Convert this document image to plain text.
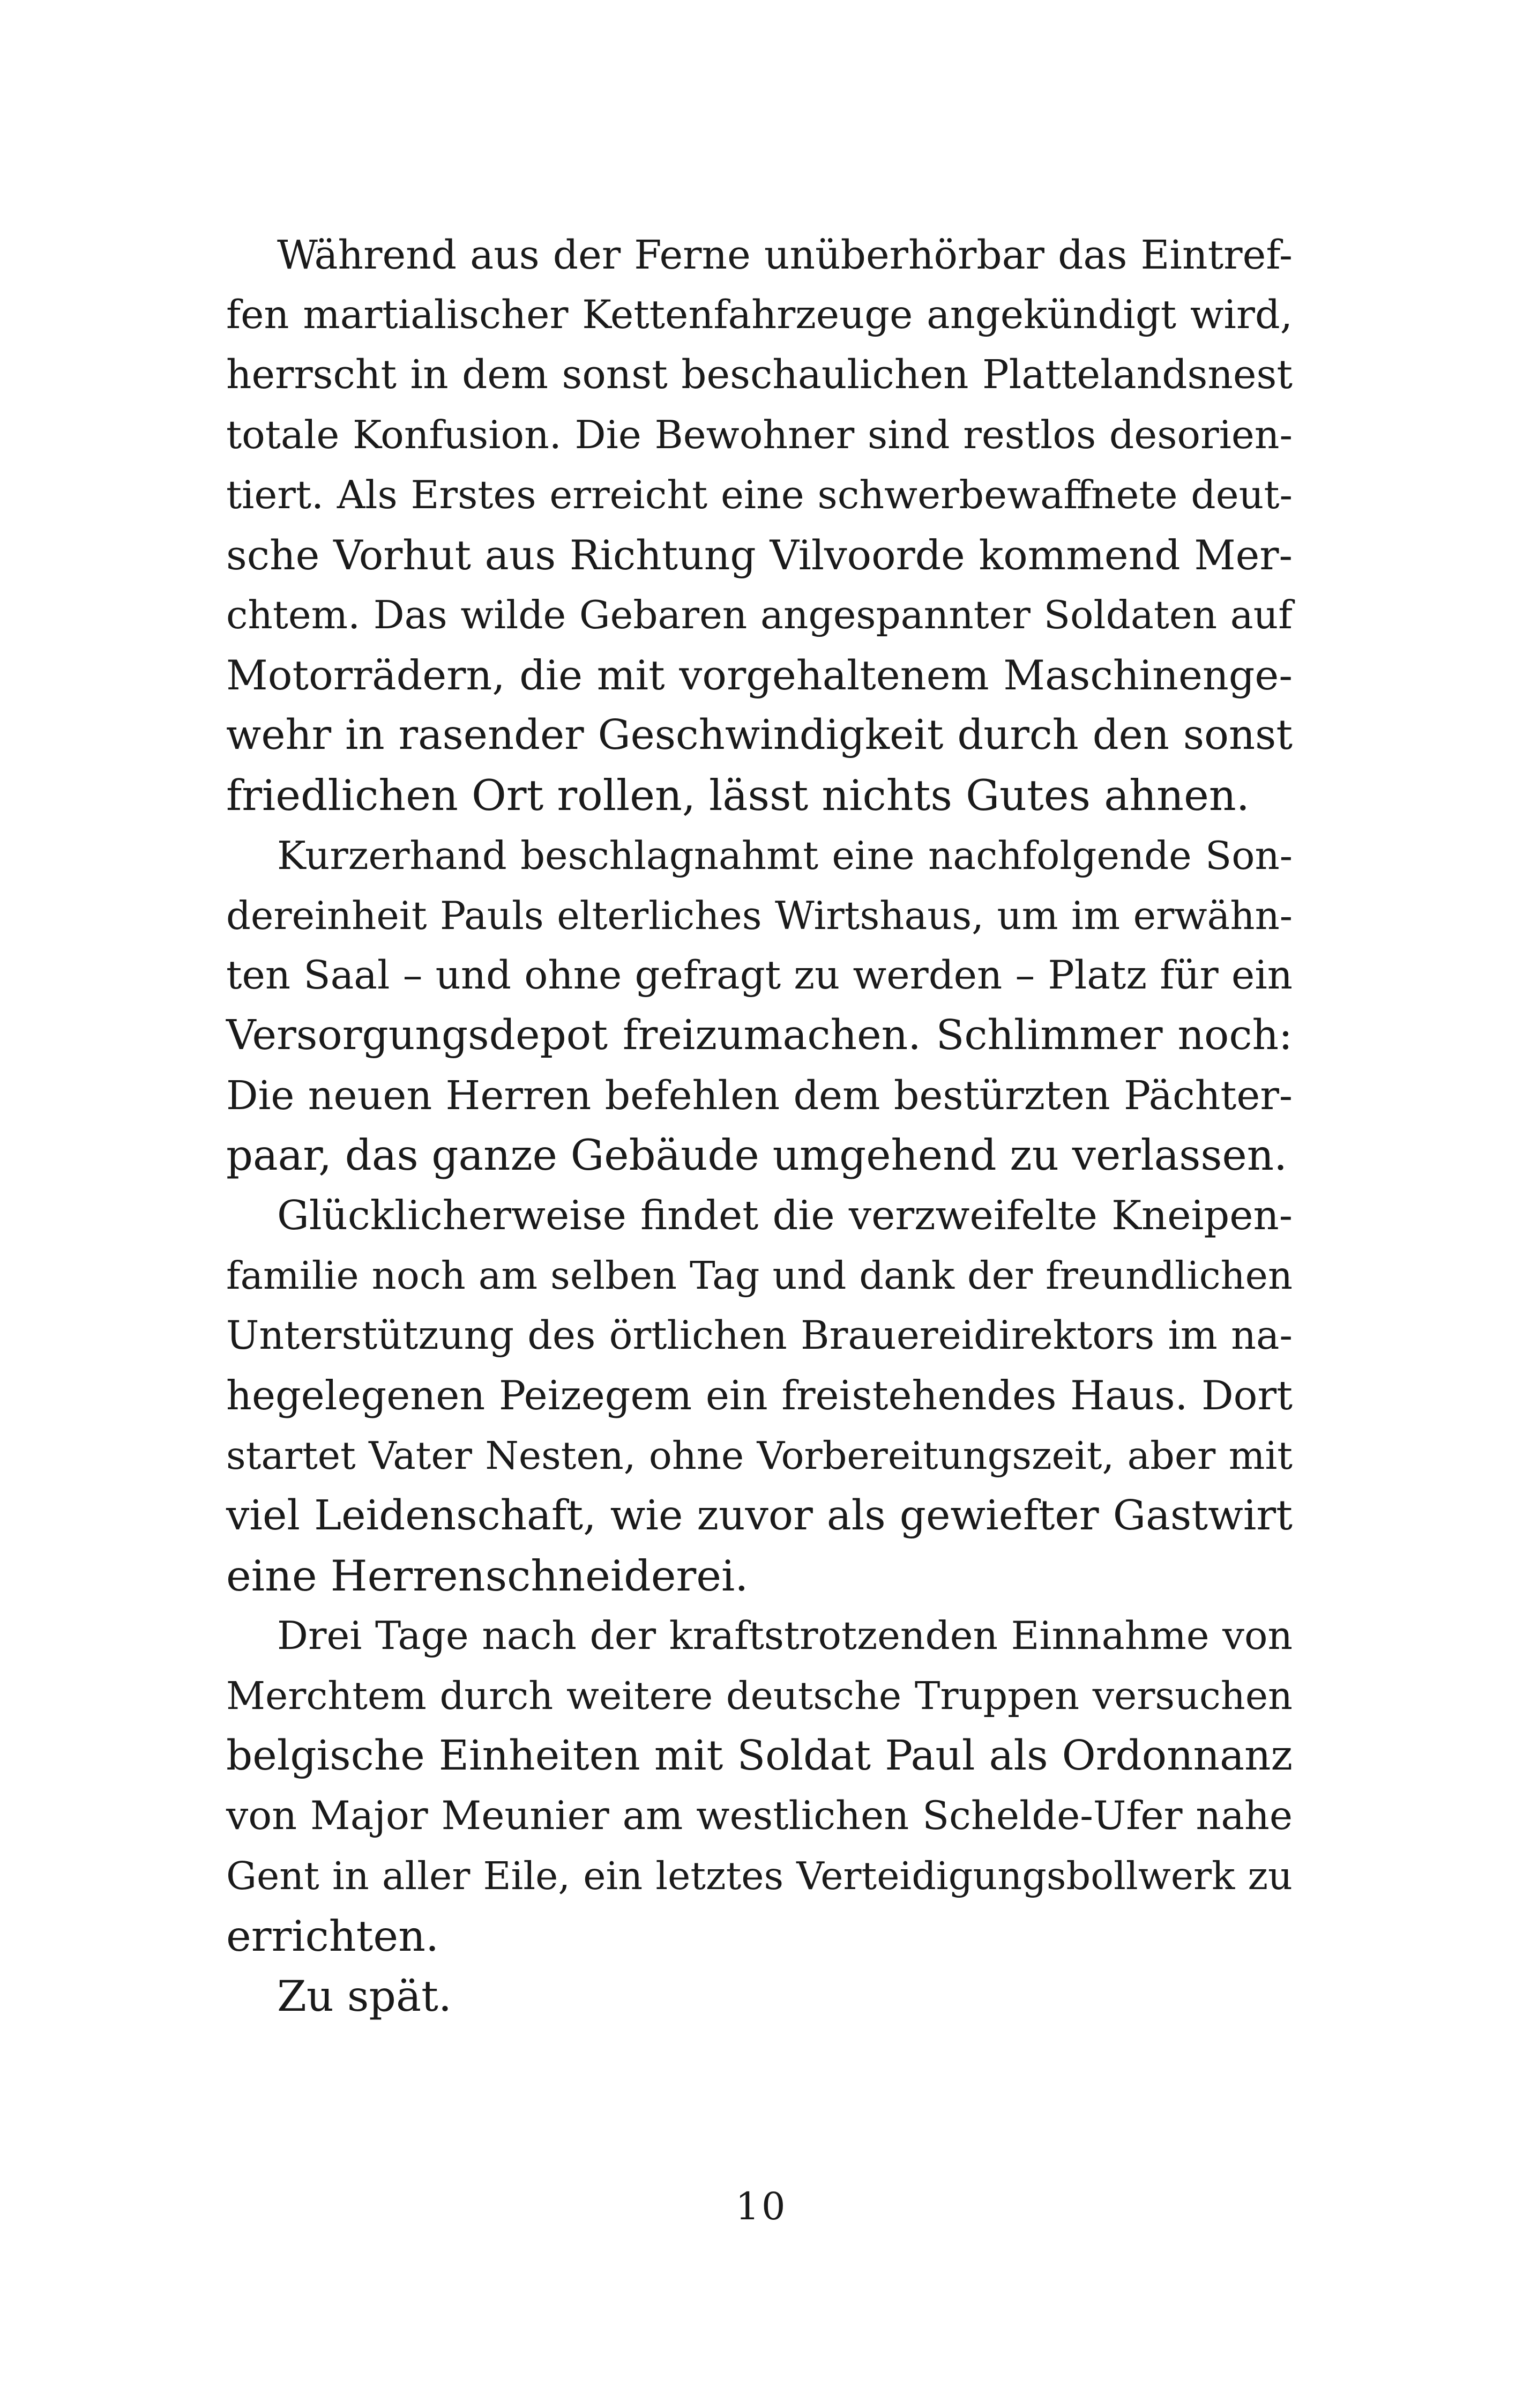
Während aus der Ferne unüberhörbar das Eintref-
fen martialischer Kettenfahrzeuge angekündigt wird,
herrscht in dem sonst beschaulichen Plattelandsnest
totale Konfusion. Die Bewohner sind restlos desorien-
tiert. Als Erstes erreicht eine schwerbewaffnete deut-
sche Vorhut aus Richtung Vilvoorde kommend Mer-
chtem. Das wilde Gebaren angespannter Soldaten auf
Motorrädern, die mit vorgehaltenem Maschinenge-
wehr in rasender Geschwindigkeit durch den sonst
friedlichen Ort rollen, lässt nichts Gutes ahnen.
Kurzerhand beschlagnahmt eine nachfolgende Son-
dereinheit Pauls elterliches Wirtshaus, um im erwähn-
ten Saal – und ohne gefragt zu werden – Platz für ein
Versorgungsdepot freizumachen. Schlimmer noch:
Die neuen Herren befehlen dem bestürzten Pächter-
paar, das ganze Gebäude umgehend zu verlassen.
Glücklicherweise findet die verzweifelte Kneipen-
familie noch am selben Tag und dank der freundlichen
Unterstützung des örtlichen Brauereidirektors im na-
hegelegenen Peizegem ein freistehendes Haus. Dort
startet Vater Nesten, ohne Vorbereitungszeit, aber mit
viel Leidenschaft, wie zuvor als gewiefter Gastwirt
eine Herrenschneiderei.
Drei Tage nach der kraftstrotzenden Einnahme von
Merchtem durch weitere deutsche Truppen versuchen
belgische Einheiten mit Soldat Paul als Ordonnanz
von Major Meunier am westlichen Schelde-Ufer nahe
Gent in aller Eile, ein letztes Verteidigungsbollwerk zu
errichten.
Zu spät.
10
